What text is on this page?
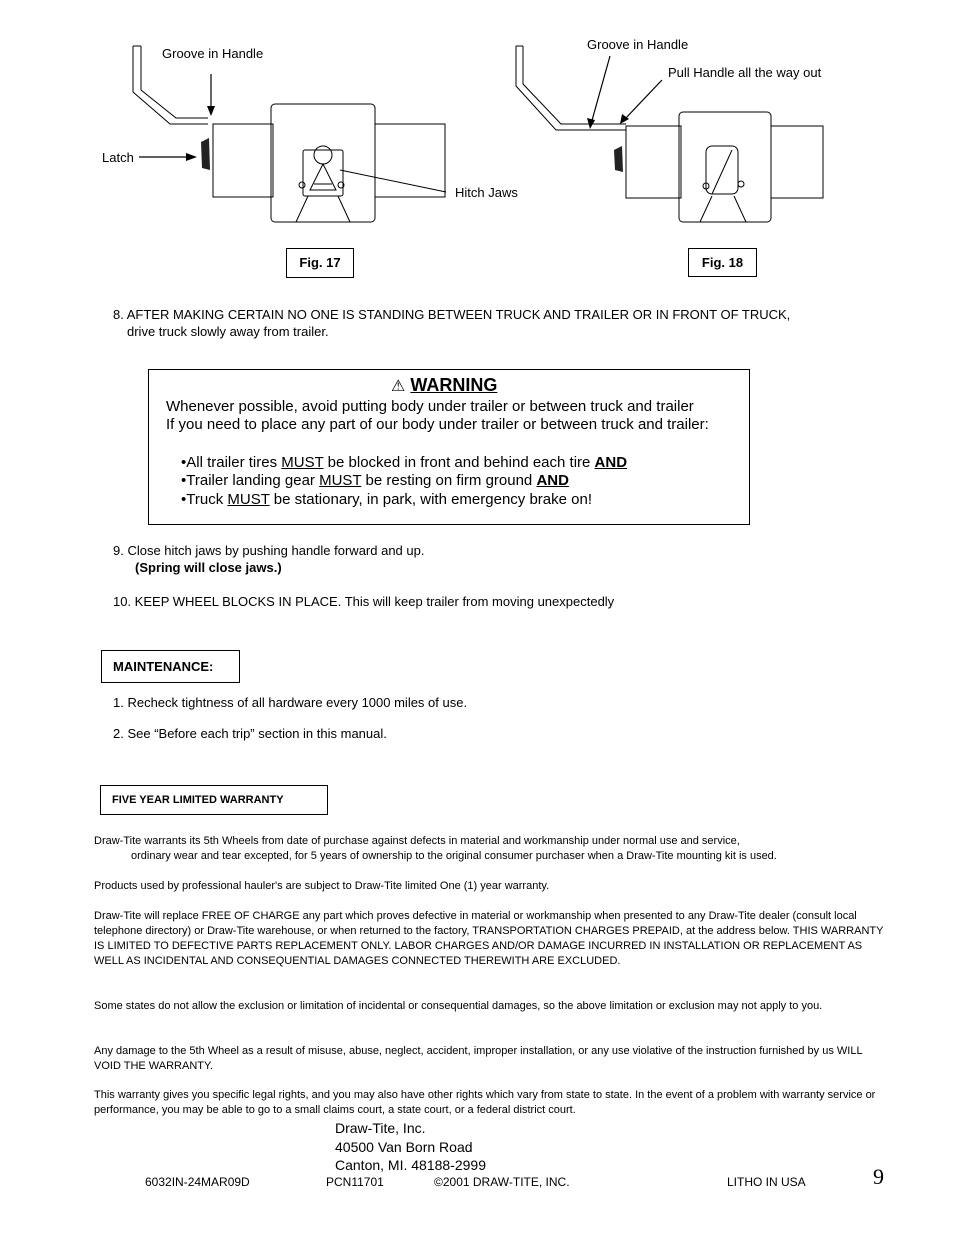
Groove in Handle
Latch
Hitch Jaws
Fig. 17
Groove in Handle
Pull Handle all the way out
Fig. 18
8. AFTER MAKING CERTAIN NO ONE IS STANDING BETWEEN TRUCK AND TRAILER OR IN FRONT OF TRUCK,
drive truck slowly away from trailer.
⚠ WARNING
Whenever possible, avoid putting body under trailer or between truck and trailer
If you need to place any part of our body under trailer or between truck and trailer:
•All trailer tires MUST be blocked in front and behind each tire AND
•Trailer landing gear MUST be resting on firm ground AND
•Truck MUST be stationary, in park, with emergency brake on!
9. Close hitch jaws by pushing handle forward and up.
(Spring will close jaws.)
10. KEEP WHEEL BLOCKS IN PLACE. This will keep trailer from moving unexpectedly
MAINTENANCE:
1. Recheck tightness of all hardware every 1000 miles of use.
2. See “Before each trip” section in this manual.
FIVE YEAR LIMITED WARRANTY
Draw-Tite warrants its 5th Wheels from date of purchase against defects in material and workmanship under normal use and service,
ordinary wear and tear excepted, for 5 years of ownership to the original consumer purchaser when a Draw-Tite mounting kit is used.
Products used by professional hauler's are subject to Draw-Tite limited One (1) year warranty.
Draw-Tite will replace FREE OF CHARGE any part which proves defective in material or workmanship when presented to any Draw-Tite dealer (consult local telephone directory) or Draw-Tite warehouse, or when returned to the factory, TRANSPORTATION CHARGES PREPAID, at the address below. THIS WARRANTY IS LIMITED TO DEFECTIVE PARTS REPLACEMENT ONLY. LABOR CHARGES AND/OR DAMAGE INCURRED IN INSTALLATION OR REPLACEMENT AS WELL AS INCIDENTAL AND CONSEQUENTIAL DAMAGES CONNECTED THEREWITH ARE EXCLUDED.
Some states do not allow the exclusion or limitation of incidental or consequential damages, so the above limitation or exclusion may not apply to you.
Any damage to the 5th Wheel as a result of misuse, abuse, neglect, accident, improper installation, or any use violative of the instruction furnished by us WILL VOID THE WARRANTY.
This warranty gives you specific legal rights, and you may also have other rights which vary from state to state. In the event of a problem with warranty service or performance, you may be able to go to a small claims court, a state court, or a federal district court.
Draw-Tite, Inc.
40500 Van Born Road
Canton, MI. 48188-2999
6032IN-24MAR09D	PCN11701	©2001 DRAW-TITE, INC.	LITHO IN USA	9
